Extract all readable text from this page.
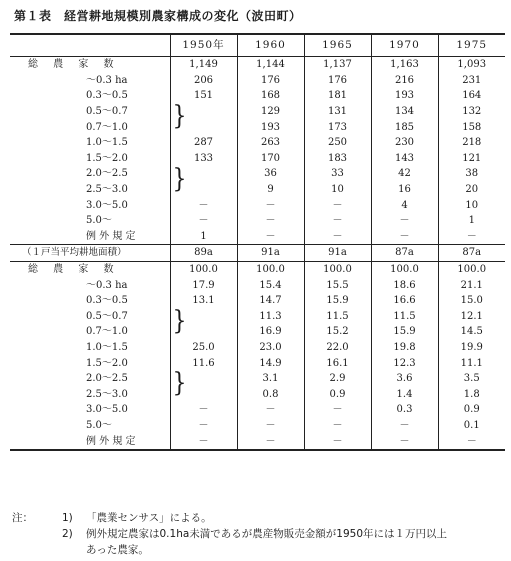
第１表　経営耕地規模別農家構成の変化（波田町）
	1950年	1960	1965	1970	1975
総 農 家 数	1,149	1,144	1,137	1,163	1,093
～0.3 ha	206	176	176	216	231
0.3～0.5	151	168	181	193	164
0.5～0.7	}	129	131	134	132
0.7～1.0		193	173	185	158
1.0～1.5	287	263	250	230	218
1.5～2.0	133	170	183	143	121
2.0～2.5	}	36	33	42	38
2.5～3.0		9	10	16	20
3.0～5.0	－	－	－	4	10
5.0～	－	－	－	－	1
例 外 規 定	1	－	－	－	－
（１戸当平均耕地面積）	89a	91a	91a	87a	87a
総 農 家 数	100.0	100.0	100.0	100.0	100.0
～0.3 ha	17.9	15.4	15.5	18.6	21.1
0.3～0.5	13.1	14.7	15.9	16.6	15.0
0.5～0.7	}	11.3	11.5	11.5	12.1
0.7～1.0		16.9	15.2	15.9	14.5
1.0～1.5	25.0	23.0	22.0	19.8	19.9
1.5～2.0	11.6	14.9	16.1	12.3	11.1
2.0～2.5	}	3.1	2.9	3.6	3.5
2.5～3.0		0.8	0.9	1.4	1.8
3.0～5.0	－	－	－	0.3	0.9
5.0～	－	－	－	－	0.1
例 外 規 定	－	－	－	－	－
注：	1)	「農業センサス」による。
2)	例外規定農家は0.1ha未満であるが農産物販売金額が1950年には１万円以上
あった農家。
